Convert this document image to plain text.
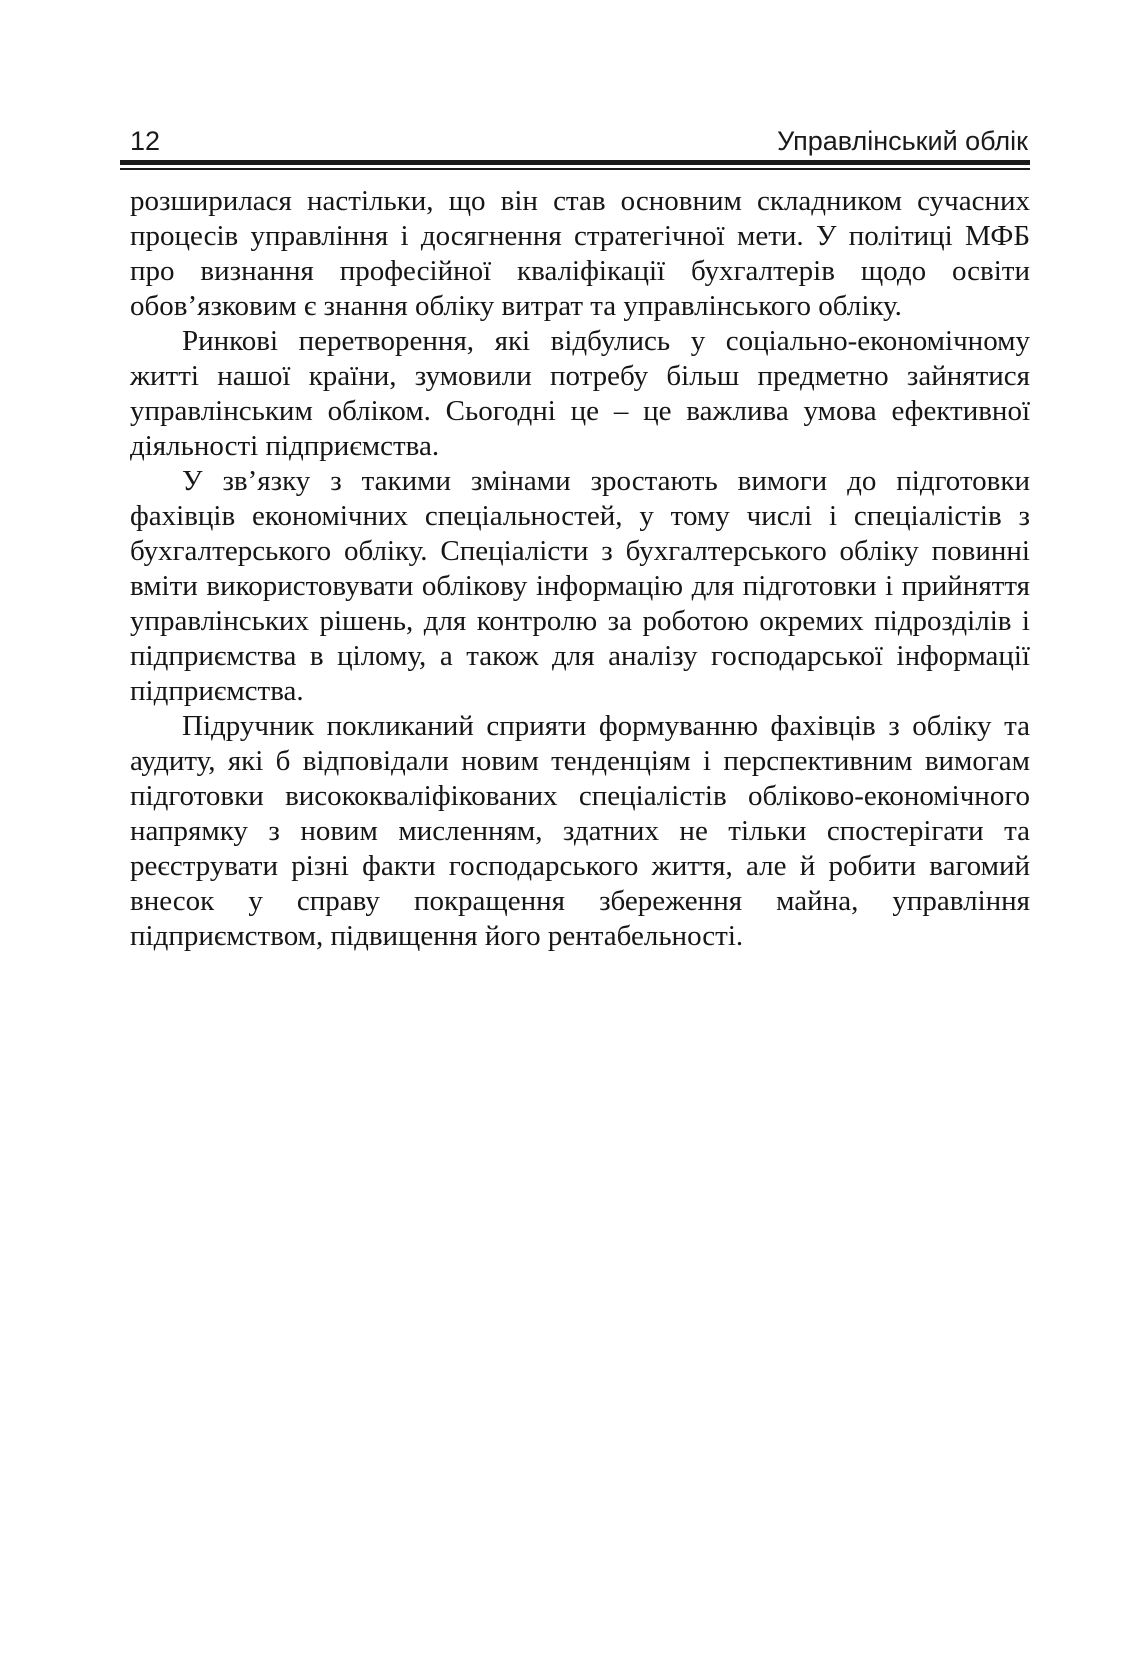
12	Управлінський облік

розширилася настільки, що він став основним складником сучасних процесів управління і досягнення стратегічної мети. У політиці МФБ про визнання професійної кваліфікації бухгалтерів щодо освіти обов’язковим є знання обліку витрат та управлінського обліку.

Ринкові перетворення, які відбулись у соціально-економічному житті нашої країни, зумовили потребу більш предметно зайнятися управлінським обліком. Сьогодні це – це важлива умова ефективної діяльності підприємства.

У зв’язку з такими змінами зростають вимоги до підготовки фахівців економічних спеціальностей, у тому числі і спеціалістів з бухгалтерського обліку. Спеціалісти з бухгалтерського обліку повинні вміти використовувати облікову інформацію для підготовки і прийняття управлінських рішень, для контролю за роботою окремих підрозділів і підприємства в цілому, а також для аналізу господарської інформації підприємства.

Підручник покликаний сприяти формуванню фахівців з обліку та аудиту, які б відповідали новим тенденціям і перспективним вимогам підготовки висококваліфікованих спеціалістів обліково-економічного напрямку з новим мисленням, здатних не тільки спостерігати та реєструвати різні факти господарського життя, але й робити вагомий внесок у справу покращення збереження майна, управління підприємством, підвищення його рентабельності.
